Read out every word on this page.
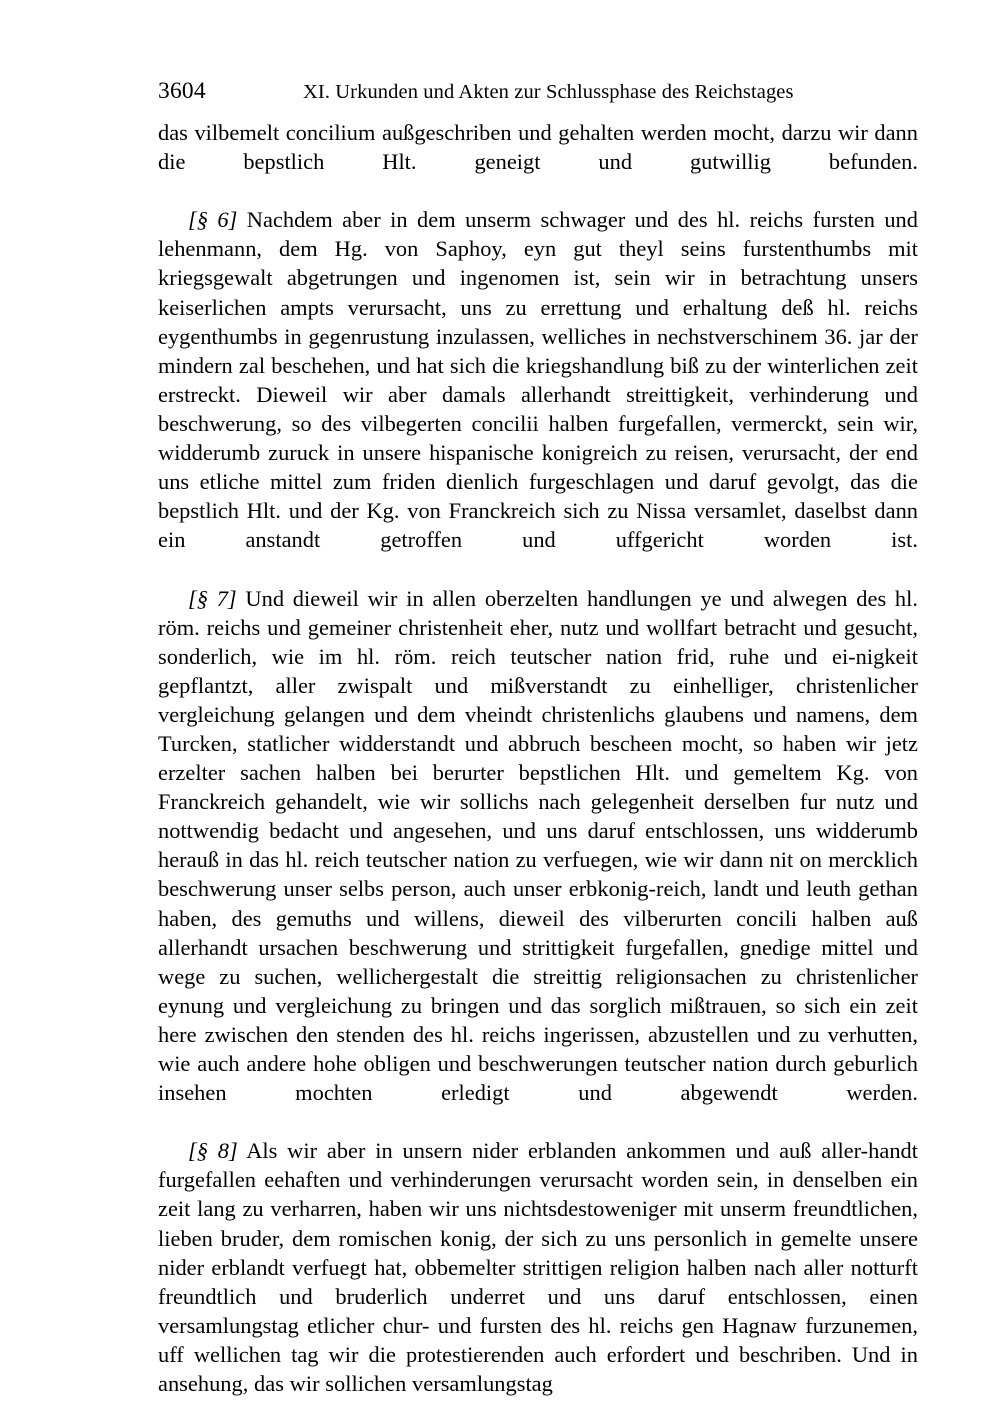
3604	XI. Urkunden und Akten zur Schlussphase des Reichstages

das vilbemelt concilium außgeschriben und gehalten werden mocht, darzu wir dann die bepstlich Hlt. geneigt und gutwillig befunden.

[§ 6] Nachdem aber in dem unserm schwager und des hl. reichs fursten und lehenmann, dem Hg. von Saphoy, eyn gut theyl seins furstenthumbs mit kriegsgewalt abgetrungen und ingenomen ist, sein wir in betrachtung unsers keiserlichen ampts verursacht, uns zu errettung und erhaltung deß hl. reichs eygenthumbs in gegenrustung inzulassen, welliches in nechstverschinem 36. jar der mindern zal beschehen, und hat sich die kriegshandlung biß zu der winterlichen zeit erstreckt. Dieweil wir aber damals allerhandt streittigkeit, verhinderung und beschwerung, so des vilbegerten concilii halben furgefallen, vermerckt, sein wir, widderumb zuruck in unsere hispanische konigreich zu reisen, verursacht, der end uns etliche mittel zum friden dienlich furgeschlagen und daruf gevolgt, das die bepstlich Hlt. und der Kg. von Franckreich sich zu Nissa versamlet, daselbst dann ein anstandt getroffen und uffgericht worden ist.

[§ 7] Und dieweil wir in allen oberzelten handlungen ye und alwegen des hl. röm. reichs und gemeiner christenheit eher, nutz und wollfart betracht und gesucht, sonderlich, wie im hl. röm. reich teutscher nation frid, ruhe und ei-nigkeit gepflantzt, aller zwispalt und mißverstandt zu einhelliger, christenlicher vergleichung gelangen und dem vheindt christenlichs glaubens und namens, dem Turcken, statlicher widderstandt und abbruch bescheen mocht, so haben wir jetz erzelter sachen halben bei berurter bepstlichen Hlt. und gemeltem Kg. von Franckreich gehandelt, wie wir sollichs nach gelegenheit derselben fur nutz und nottwendig bedacht und angesehen, und uns daruf entschlossen, uns widderumb herauß in das hl. reich teutscher nation zu verfuegen, wie wir dann nit on mercklich beschwerung unser selbs person, auch unser erbkonig-reich, landt und leuth gethan haben, des gemuths und willens, dieweil des vilberurten concili halben auß allerhandt ursachen beschwerung und strittigkeit furgefallen, gnedige mittel und wege zu suchen, wellichergestalt die streittig religionsachen zu christenlicher eynung und vergleichung zu bringen und das sorglich mißtrauen, so sich ein zeit here zwischen den stenden des hl. reichs ingerissen, abzustellen und zu verhutten, wie auch andere hohe obligen und beschwerungen teutscher nation durch geburlich insehen mochten erledigt und abgewendt werden.

[§ 8] Als wir aber in unsern nider erblanden ankommen und auß aller-handt furgefallen eehaften und verhinderungen verursacht worden sein, in denselben ein zeit lang zu verharren, haben wir uns nichtsdestoweniger mit unserm freundtlichen, lieben bruder, dem romischen konig, der sich zu uns personlich in gemelte unsere nider erblandt verfuegt hat, obbemelter strittigen religion halben nach aller notturft freundtlich und bruderlich underret und uns daruf entschlossen, einen versamlungstag etlicher chur- und fursten des hl. reichs gen Hagnaw furzunemen, uff wellichen tag wir die protestierenden auch erfordert und beschriben. Und in ansehung, das wir sollichen versamlungstag
